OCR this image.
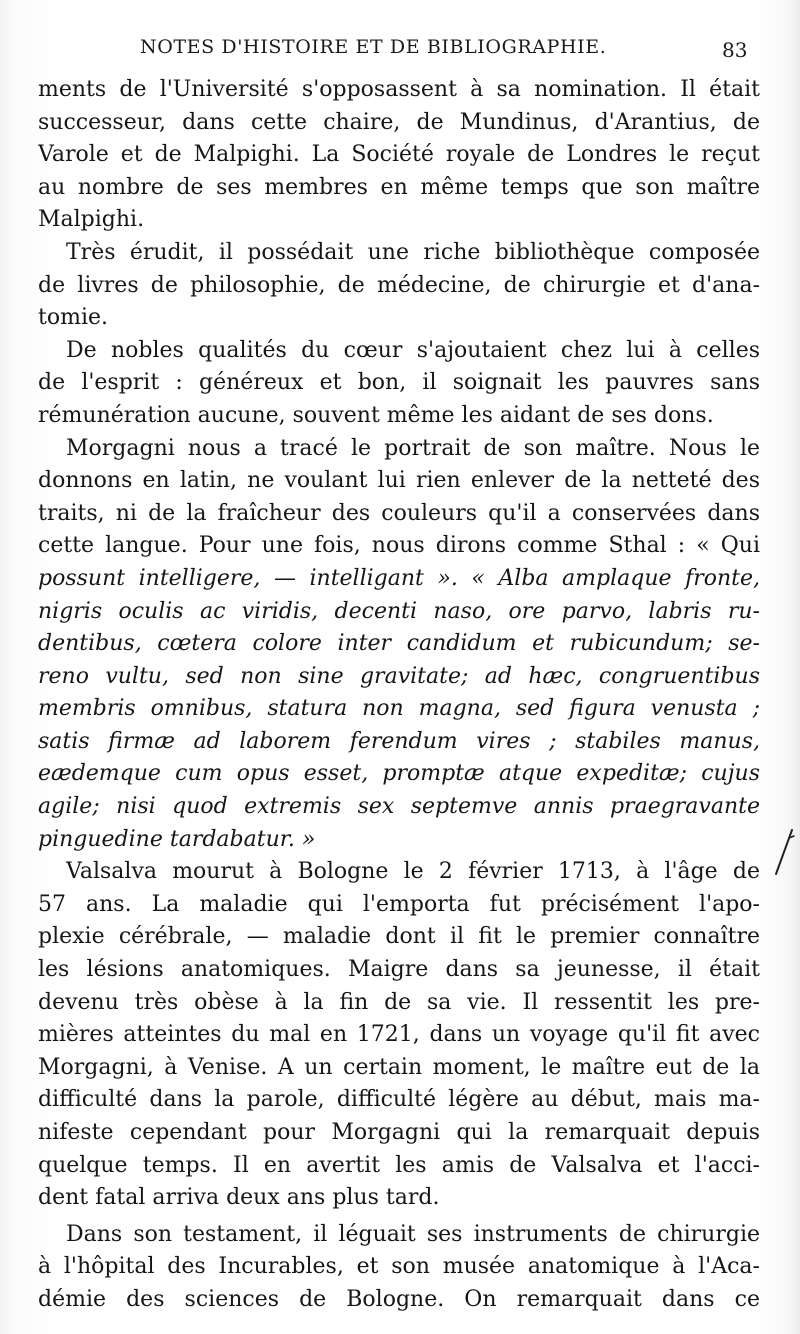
NOTES D'HISTOIRE ET DE BIBLIOGRAPHIE.	83
ments de l'Université s'opposassent à sa nomination. Il était
successeur, dans cette chaire, de Mundinus, d'Arantius, de
Varole et de Malpighi. La Société royale de Londres le reçut
au nombre de ses membres en même temps que son maître
Malpighi.
Très érudit, il possédait une riche bibliothèque composée
de livres de philosophie, de médecine, de chirurgie et d'ana-
tomie.
De nobles qualités du cœur s'ajoutaient chez lui à celles
de l'esprit : généreux et bon, il soignait les pauvres sans
rémunération aucune, souvent même les aidant de ses dons.
Morgagni nous a tracé le portrait de son maître. Nous le
donnons en latin, ne voulant lui rien enlever de la netteté des
traits, ni de la fraîcheur des couleurs qu'il a conservées dans
cette langue. Pour une fois, nous dirons comme Sthal : « Qui
possunt intelligere, — intelligant ». « Alba amplaque fronte,
nigris oculis ac viridis, decenti naso, ore parvo, labris ru-
dentibus, cœtera colore inter candidum et rubicundum; se-
reno vultu, sed non sine gravitate; ad hæc, congruentibus
membris omnibus, statura non magna, sed figura venusta ;
satis firmæ ad laborem ferendum vires ; stabiles manus,
eædemque cum opus esset, promptæ atque expeditæ; cujus
agile; nisi quod extremis sex septemve annis praegravante
pinguedine tardabatur. »
Valsalva mourut à Bologne le 2 février 1713, à l'âge de
57 ans. La maladie qui l'emporta fut précisément l'apo-
plexie cérébrale, — maladie dont il fit le premier connaître
les lésions anatomiques. Maigre dans sa jeunesse, il était
devenu très obèse à la fin de sa vie. Il ressentit les pre-
mières atteintes du mal en 1721, dans un voyage qu'il fit avec
Morgagni, à Venise. A un certain moment, le maître eut de la
difficulté dans la parole, difficulté légère au début, mais ma-
nifeste cependant pour Morgagni qui la remarquait depuis
quelque temps. Il en avertit les amis de Valsalva et l'acci-
dent fatal arriva deux ans plus tard.
Dans son testament, il léguait ses instruments de chirurgie
à l'hôpital des Incurables, et son musée anatomique à l'Aca-
démie des sciences de Bologne. On remarquait dans ce
